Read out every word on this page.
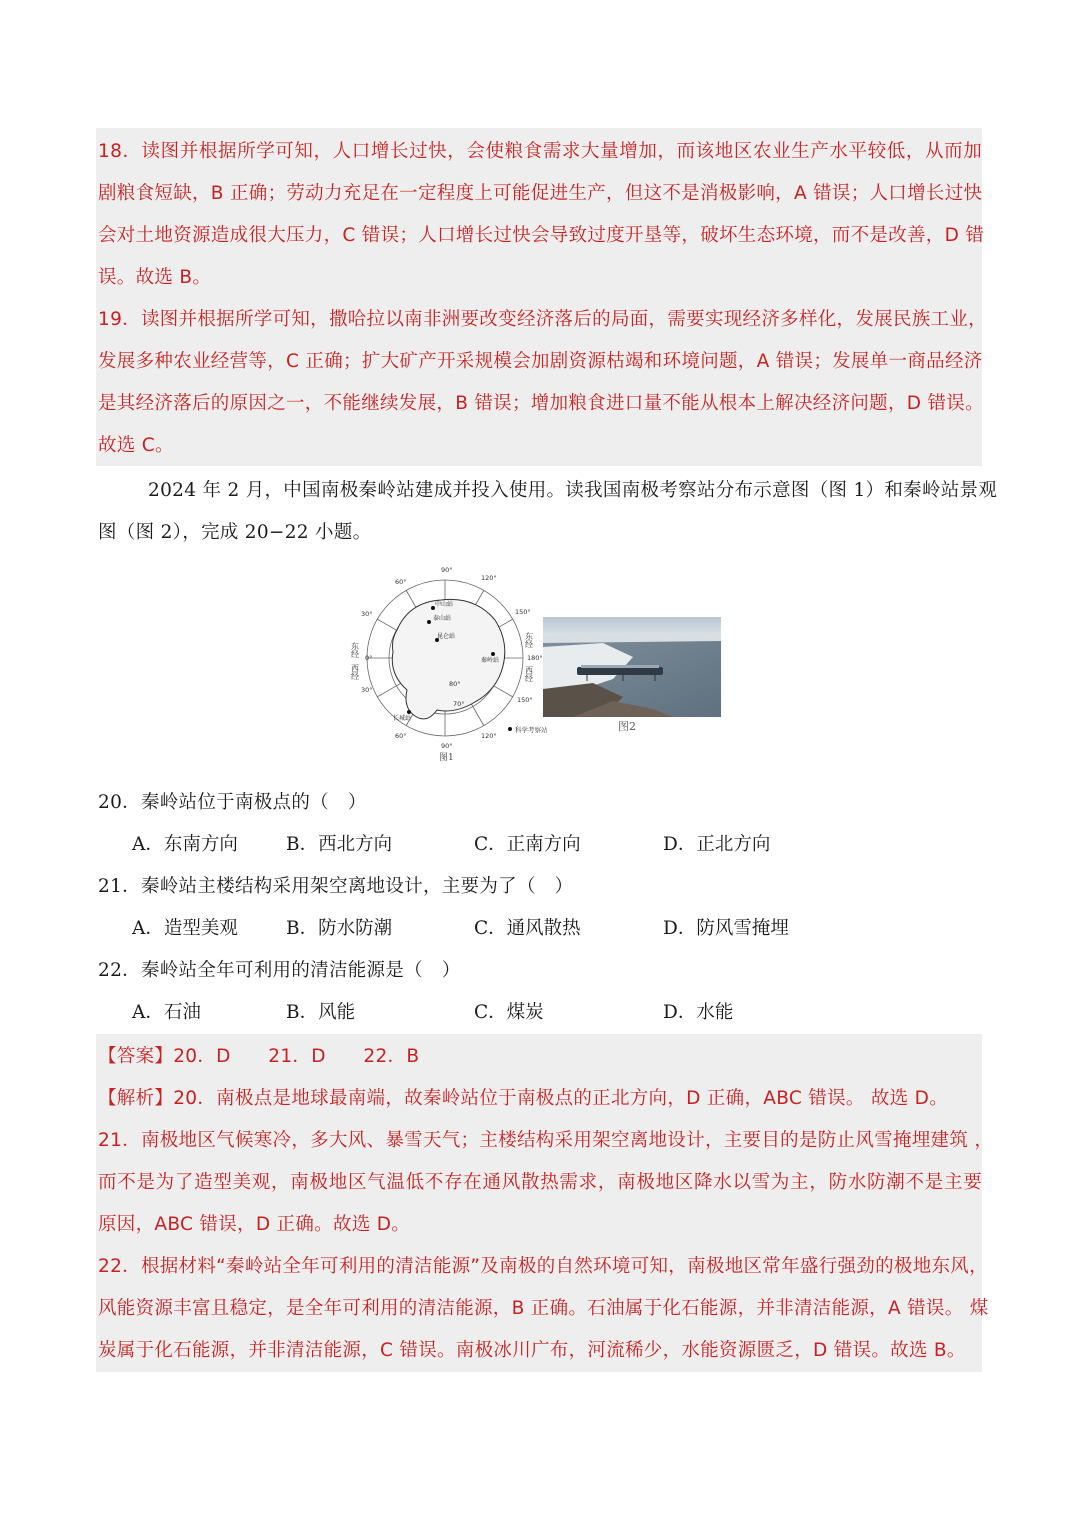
18．读图并根据所学可知，人口增长过快，会使粮食需求大量增加，而该地区农业生产水平较低，从而加
剧粮食短缺，B 正确；劳动力充足在一定程度上可能促进生产，但这不是消极影响，A 错误；人口增长过快
会对土地资源造成很大压力，C 错误；人口增长过快会导致过度开垦等，破坏生态环境，而不是改善，D 错
误。故选 B。
19．读图并根据所学可知，撒哈拉以南非洲要改变经济落后的局面，需要实现经济多样化，发展民族工业，
发展多种农业经营等，C 正确；扩大矿产开采规模会加剧资源枯竭和环境问题，A 错误；发展单一商品经济
是其经济落后的原因之一，不能继续发展，B 错误；增加粮食进口量不能从根本上解决经济问题，D 错误。
故选 C。
2024 年 2 月，中国南极秦岭站建成并投入使用。读我国南极考察站分布示意图（图 1）和秦岭站景观
图（图 2），完成 20−22 小题。
90°
60°
30°
0°
30°
60°
90°
120°
150°
180°
150°
120°
80°
70°
中山站
泰山站
昆仑站
秦岭站
长城站
东经
西经
东经
西经
科学考察站
图1
图2
20．秦岭站位于南极点的（　）
A．东南方向	B．西北方向	C．正南方向	D．正北方向
21．秦岭站主楼结构采用架空离地设计，主要为了（　）
A．造型美观	B．防水防潮	C．通风散热	D．防风雪掩埋
22．秦岭站全年可利用的清洁能源是（　）
A．石油	B．风能	C．煤炭	D．水能
【答案】20．D　　21．D　　22．B
【解析】20．南极点是地球最南端，故秦岭站位于南极点的正北方向，D 正确，ABC 错误。 故选 D。
21．南极地区气候寒冷，多大风、暴雪天气；主楼结构采用架空离地设计，主要目的是防止风雪掩埋建筑 ，
而不是为了造型美观，南极地区气温低不存在通风散热需求，南极地区降水以雪为主，防水防潮不是主要
原因，ABC 错误，D 正确。故选 D。
22．根据材料“秦岭站全年可利用的清洁能源”及南极的自然环境可知，南极地区常年盛行强劲的极地东风，
风能资源丰富且稳定，是全年可利用的清洁能源，B 正确。石油属于化石能源，并非清洁能源，A 错误。 煤
炭属于化石能源，并非清洁能源，C 错误。南极冰川广布，河流稀少，水能资源匮乏，D 错误。故选 B。
